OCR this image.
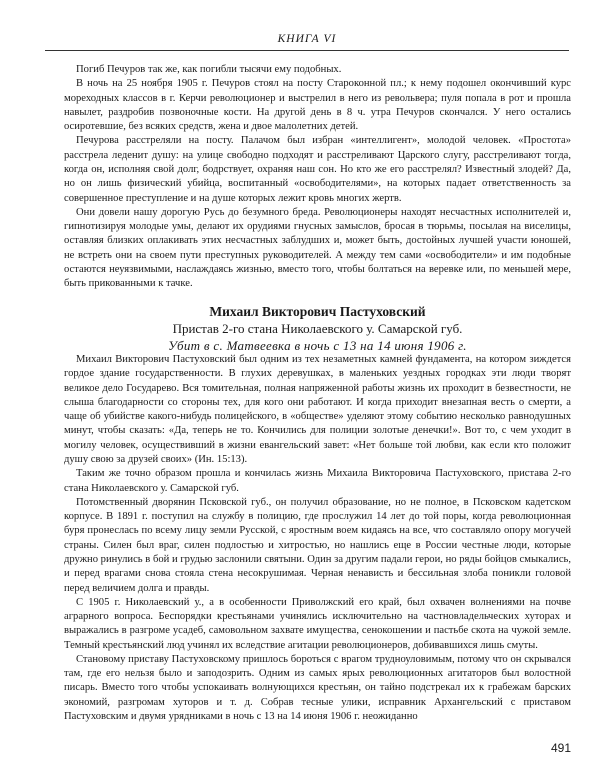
КНИГА VI

Погиб Печуров так же, как погибли тысячи ему подобных.

В ночь на 25 ноября 1905 г. Печуров стоял на посту Староконной пл.; к нему подошел окончивший курс мореходных классов в г. Керчи революционер и выстрелил в него из револьвера; пуля попала в рот и прошла навылет, раздробив позвоночные кости. На другой день в 8 ч. утра Печуров скончался. У него остались осиротевшие, без всяких средств, жена и двое малолетних детей.

Печурова расстреляли на посту. Палачом был избран «интеллигент», молодой человек. «Простота» расстрела леденит душу: на улице свободно подходят и расстреливают Царского слугу, расстреливают тогда, когда он, исполняя свой долг, бодрствует, охраняя наш сон. Но кто же его расстрелял? Известный злодей? Да, но он лишь физический убийца, воспитанный «освободителями», на которых падает ответственность за совершенное преступление и на душе которых лежит кровь многих жертв.

Они довели нашу дорогую Русь до безумного бреда. Революционеры находят несчастных исполнителей и, гипнотизируя молодые умы, делают их орудиями гнусных замыслов, бросая в тюрьмы, посылая на виселицы, оставляя близких оплакивать этих несчастных заблудших и, может быть, достойных лучшей участи юношей, не встреть они на своем пути преступных руководителей. А между тем сами «освободители» и им подобные остаются неуязвимыми, наслаждаясь жизнью, вместо того, чтобы болтаться на веревке или, по меньшей мере, быть прикованными к тачке.

Михаил Викторович Пастуховский
Пристав 2-го стана Николаевского у. Самарской губ.
Убит в с. Матвеевка в ночь с 13 на 14 июня 1906 г.

Михаил Викторович Пастуховский был одним из тех незаметных камней фундамента, на котором зиждется гордое здание государственности. В глухих деревушках, в маленьких уездных городках эти люди творят великое дело Государево. Вся томительная, полная напряженной работы жизнь их проходит в безвестности, не слыша благодарности со стороны тех, для кого они работают. И когда приходит внезапная весть о смерти, а чаще об убийстве какого-нибудь полицейского, в «обществе» уделяют этому событию несколько равнодушных минут, чтобы сказать: «Да, теперь не то. Кончились для полиции золотые денечки!». Вот то, с чем уходит в могилу человек, осуществивший в жизни евангельский завет: «Нет больше той любви, как если кто положит душу свою за друзей своих» (Ин. 15:13).

Таким же точно образом прошла и кончилась жизнь Михаила Викторовича Пастуховского, пристава 2-го стана Николаевского у. Самарской губ.

Потомственный дворянин Псковской губ., он получил образование, но не полное, в Псковском кадетском корпусе. В 1891 г. поступил на службу в полицию, где прослужил 14 лет до той поры, когда революционная буря пронеслась по всему лицу земли Русской, с яростным воем кидаясь на все, что составляло опору могучей страны. Силен был враг, силен подлостью и хитростью, но нашлись еще в России честные люди, которые дружно ринулись в бой и грудью заслонили святыни. Один за другим падали герои, но ряды бойцов смыкались, и перед врагами снова стояла стена несокрушимая. Черная ненависть и бессильная злоба поникли головой перед величием долга и правды.

С 1905 г. Николаевский у., а в особенности Приволжский его край, был охвачен волнениями на почве аграрного вопроса. Беспорядки крестьянами учинялись исключительно на частновладельческих хуторах и выражались в разгроме усадеб, самовольном захвате имущества, сенокошении и пастьбе скота на чужой земле. Темный крестьянский люд учинял их вследствие агитации революционеров, добивавшихся лишь смуты.

Становому приставу Пастуховскому пришлось бороться с врагом трудноуловимым, потому что он скрывался там, где его нельзя было и заподозрить. Одним из самых ярых революционных агитаторов был волостной писарь. Вместо того чтобы успокаивать волнующихся крестьян, он тайно подстрекал их к грабежам барских экономий, разгромам хуторов и т. д. Собрав тесные улики, исправник Архангельский с приставом Пастуховским и двумя урядниками в ночь с 13 на 14 июня 1906 г. неожиданно

491
